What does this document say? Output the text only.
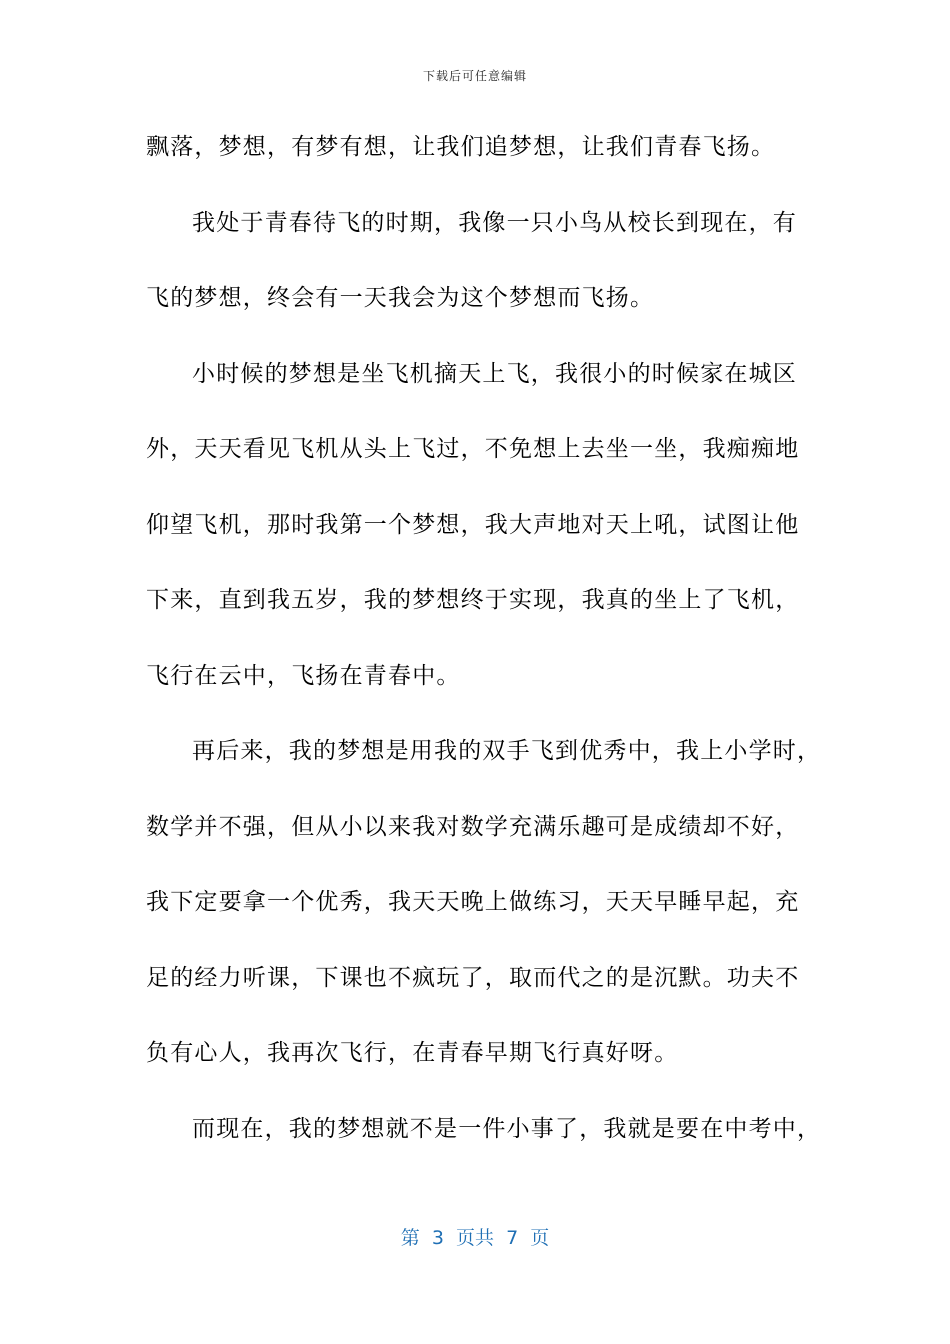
下载后可任意编辑
飘落，梦想，有梦有想，让我们追梦想，让我们青春飞扬。
我处于青春待飞的时期，我像一只小鸟从校长到现在，有
飞的梦想，终会有一天我会为这个梦想而飞扬。
小时候的梦想是坐飞机摘天上飞，我很小的时候家在城区
外，天天看见飞机从头上飞过，不免想上去坐一坐，我痴痴地
仰望飞机，那时我第一个梦想，我大声地对天上吼，试图让他
下来，直到我五岁，我的梦想终于实现，我真的坐上了飞机，
飞行在云中，飞扬在青春中。
再后来，我的梦想是用我的双手飞到优秀中，我上小学时，
数学并不强，但从小以来我对数学充满乐趣可是成绩却不好，
我下定要拿一个优秀，我天天晚上做练习，天天早睡早起，充
足的经力听课，下课也不疯玩了，取而代之的是沉默。功夫不
负有心人，我再次飞行，在青春早期飞行真好呀。
而现在，我的梦想就不是一件小事了，我就是要在中考中，
第  3  页共  7  页
